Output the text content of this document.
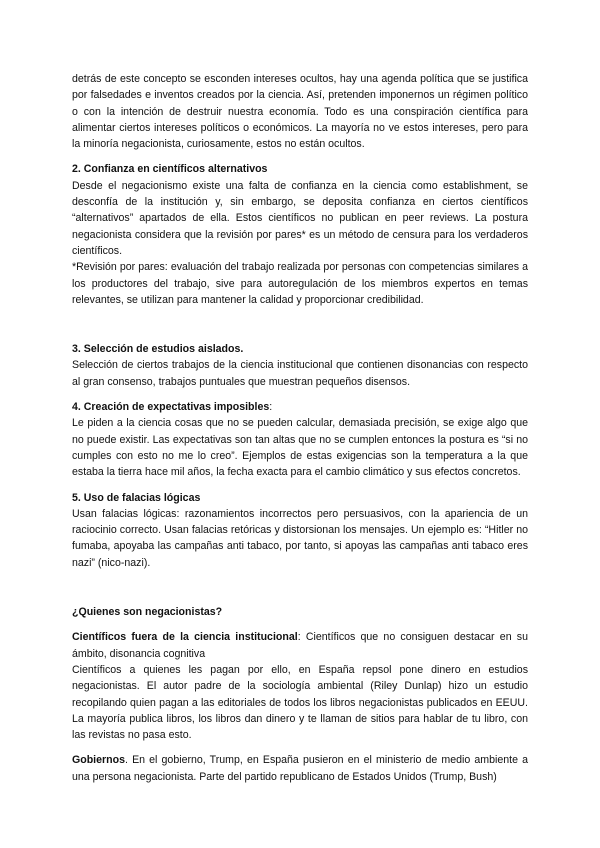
detrás de este concepto se esconden intereses ocultos, hay una agenda política que se justifica por falsedades e inventos creados por la ciencia. Así, pretenden imponernos un régimen político o con la intención de destruir nuestra economía. Todo es una conspiración científica para alimentar ciertos intereses políticos o económicos. La mayoría no ve estos intereses, pero para la minoría negacionista, curiosamente, estos no están ocultos.

2. Confianza en científicos alternativos

Desde el negacionismo existe una falta de confianza en la ciencia como establishment, se desconfía de la institución y, sin embargo, se deposita confianza en ciertos científicos “alternativos” apartados de ella. Estos científicos no publican en peer reviews. La postura negacionista considera que la revisión por pares* es un método de censura para los verdaderos científicos.

*Revisión por pares: evaluación del trabajo realizada por personas con competencias similares a los productores del trabajo, sive para autoregulación de los miembros expertos en temas relevantes, se utilizan para mantener la calidad y proporcionar credibilidad.

3. Selección de estudios aislados.

Selección de ciertos trabajos de la ciencia institucional que contienen disonancias con respecto al gran consenso, trabajos puntuales que muestran pequeños disensos.

4. Creación de expectativas imposibles:

Le piden a la ciencia cosas que no se pueden calcular, demasiada precisión, se exige algo que no puede existir. Las expectativas son tan altas que no se cumplen entonces la postura es “si no cumples con esto no me lo creo”. Ejemplos de estas exigencias son la temperatura a la que estaba la tierra hace mil años, la fecha exacta para el cambio climático y sus efectos concretos.

5. Uso de falacias lógicas

Usan falacias lógicas: razonamientos incorrectos pero persuasivos, con la apariencia de un raciocinio correcto. Usan falacias retóricas y distorsionan los mensajes. Un ejemplo es: “Hitler no fumaba, apoyaba las campañas anti tabaco, por tanto, si apoyas las campañas anti tabaco eres nazi” (nico-nazi).

¿Quienes son negacionistas?

Científicos fuera de la ciencia institucional: Científicos que no consiguen destacar en su ámbito, disonancia cognitiva

Científicos a quienes les pagan por ello, en España repsol pone dinero en estudios negacionistas. El autor padre de la sociología ambiental (Riley Dunlap) hizo un estudio recopilando quien pagan a las editoriales de todos los libros negacionistas publicados en EEUU. La mayoría publica libros, los libros dan dinero y te llaman de sitios para hablar de tu libro, con las revistas no pasa esto.

Gobiernos. En el gobierno, Trump, en España pusieron en el ministerio de medio ambiente a una persona negacionista. Parte del partido republicano de Estados Unidos (Trump, Bush)
